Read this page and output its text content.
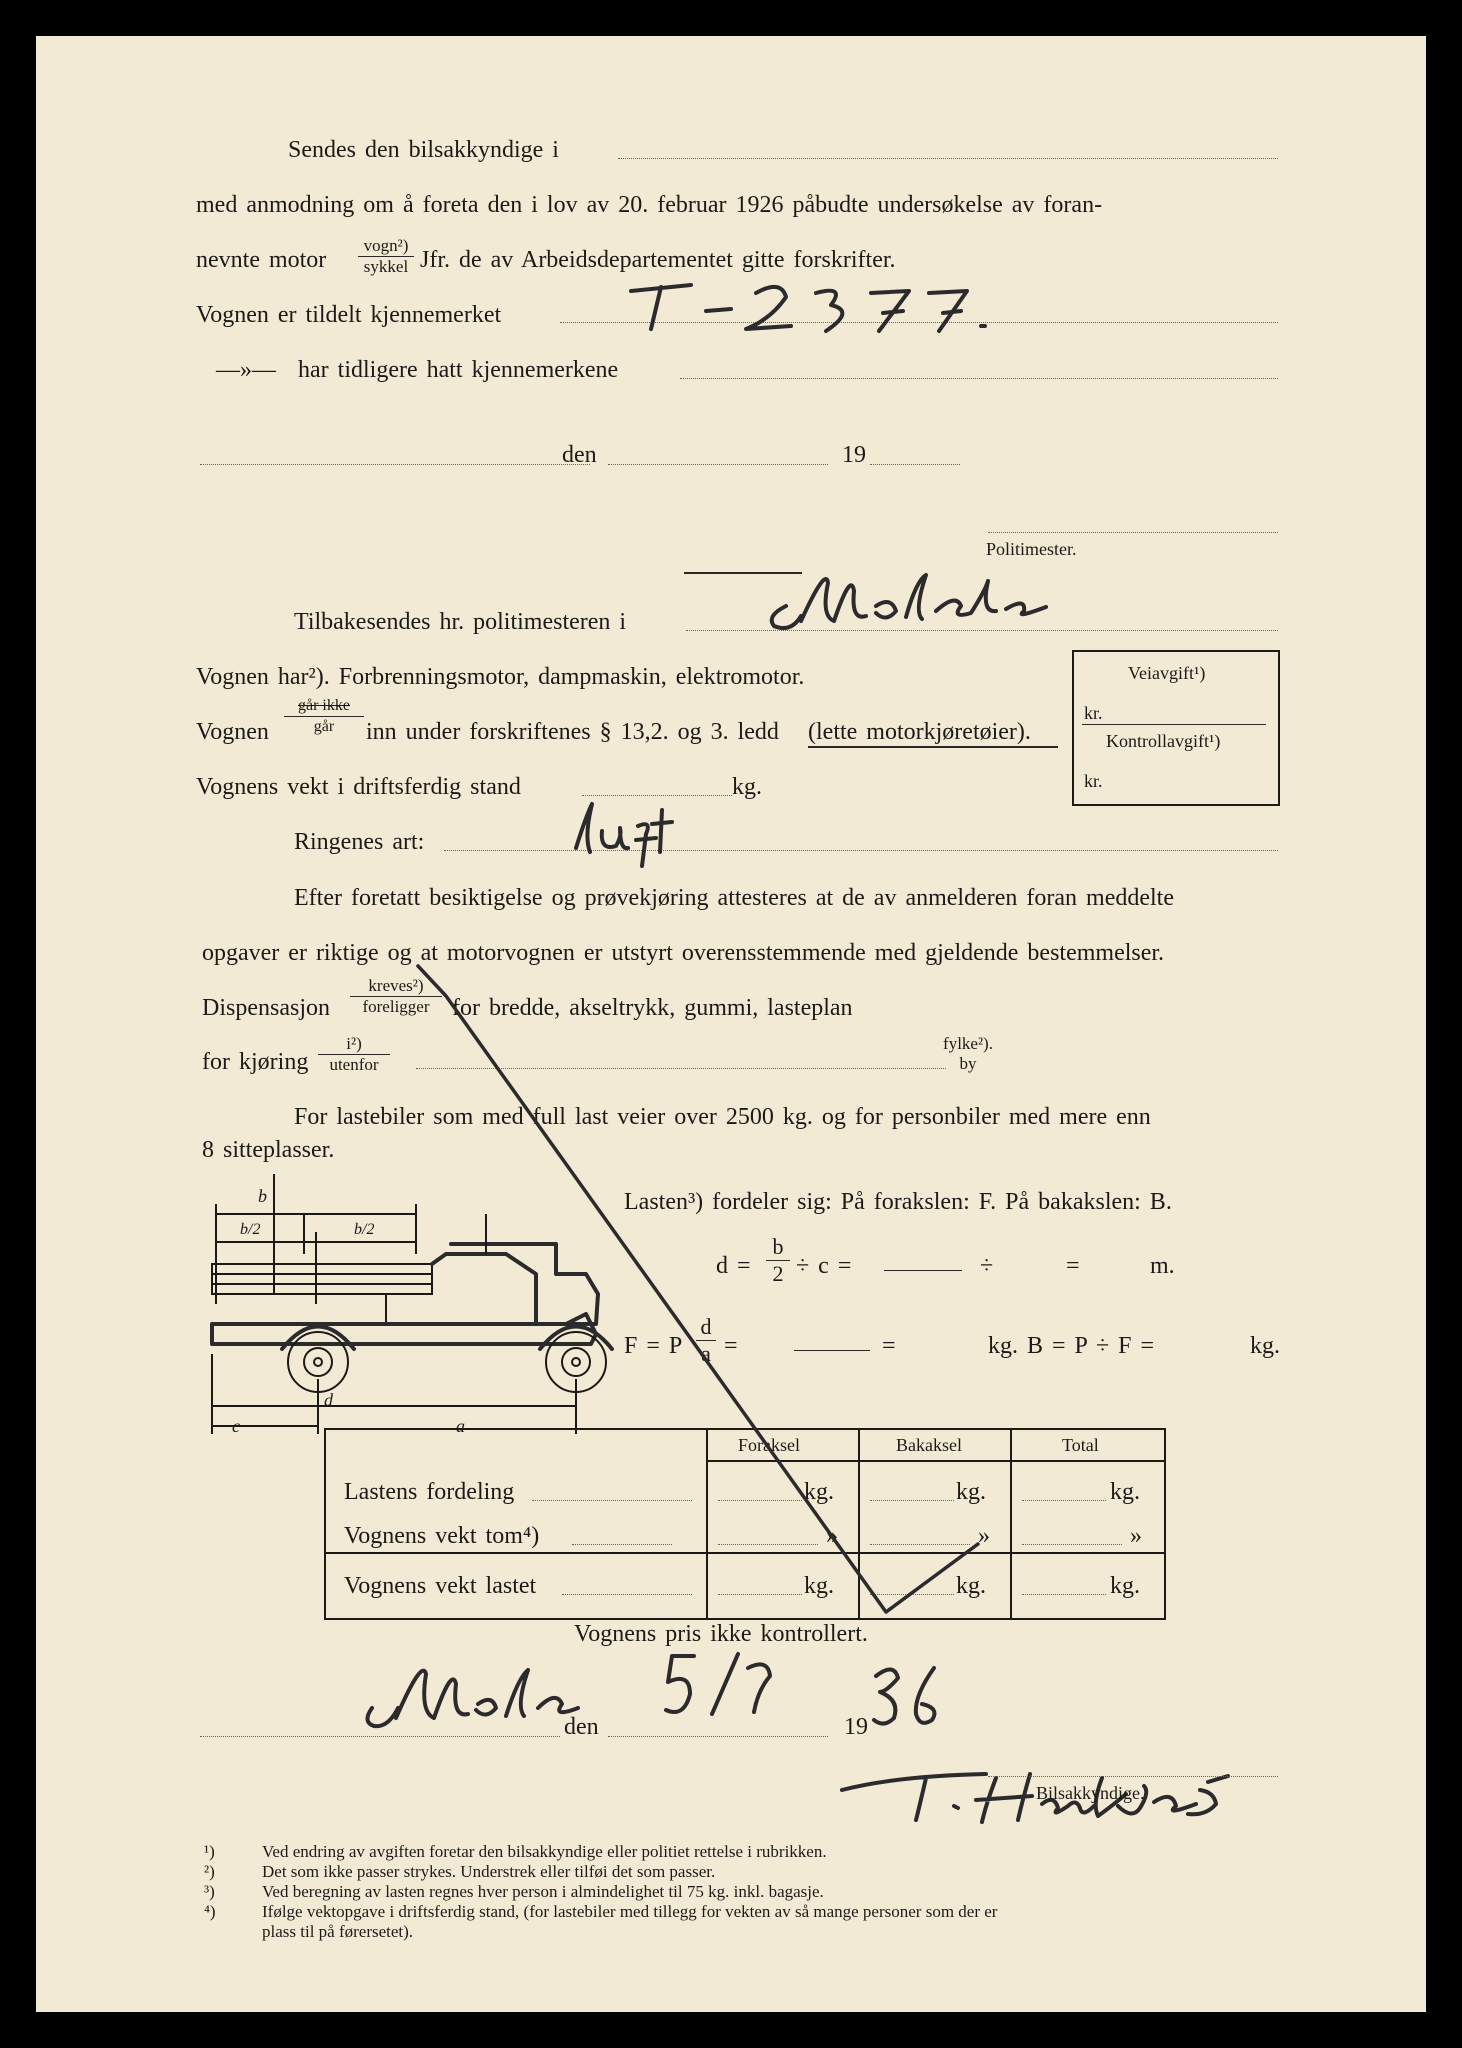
Sendes den bilsakkyndige i
med anmodning om å foreta den i lov av 20. februar 1926 påbudte undersøkelse av foran-
nevnte motor
vogn²)
sykkel Jfr. de av Arbeidsdepartementet gitte forskrifter.
Vognen er tildelt kjennemerket
—»— har tidligere hatt kjennemerkene
den	19
Politimester.
Tilbakesendes hr. politimesteren i
Vognen har²). Forbrenningsmotor, dampmaskin, elektromotor.
Vognen
går ikke
går	inn under forskriftenes § 13,2. og 3. ledd (lette motorkjøretøier).
Vognens vekt i driftsferdig stand	kg.
Ringenes art:
Veiavgift¹)
kr.
Kontrollavgift¹)
kr.
Efter foretatt besiktigelse og prøvekjøring attesteres at de av anmelderen foran meddelte
opgaver er riktige og at motorvognen er utstyrt overensstemmende med gjeldende bestemmelser.
Dispensasjon
kreves²)
foreligger for bredde, akseltrykk, gummi, lasteplan
for kjøring
i²)
utenfor
fylke²).
by
For lastebiler som med full last veier over 2500 kg. og for personbiler med mere enn
8 sitteplasser.
Lasten³) fordeler sig: På forakslen: F. På bakakslen: B.
$d = \frac{b}{2} \div c$ =	÷	=	m.
F = P $\frac{d}{a}$ =	=	kg. B = P ÷ F =	kg.
b
b/2	b/2
d
c	a
Foraksel	Bakaksel	Total
Lastens fordeling	kg.	kg.	kg.
Vognens vekt tom⁴)	»	»	»
Vognens vekt lastet	kg.	kg.	kg.
Vognens pris ikke kontrollert.
den	19
Bilsakkyndige.
¹)	Ved endring av avgiften foretar den bilsakkyndige eller politiet rettelse i rubrikken.
²)	Det som ikke passer strykes. Understrek eller tilføi det som passer.
³)	Ved beregning av lasten regnes hver person i almindelighet til 75 kg. inkl. bagasje.
⁴)	Ifølge vektopgave i driftsferdig stand, (for lastebiler med tillegg for vekten av så mange personer som der er
plass til på førersetet).
